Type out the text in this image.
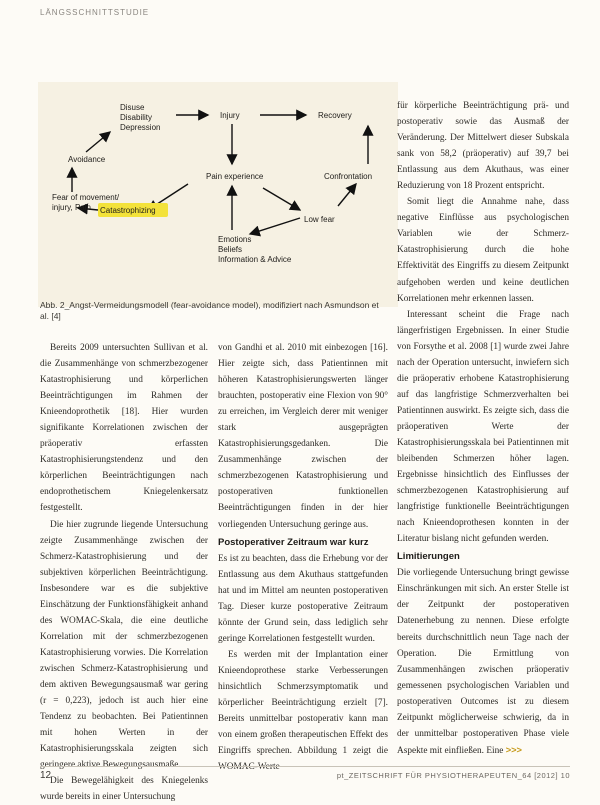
LÄNGSSCHNITTSTUDIE
Disuse Disability Depression
Injury	Recovery
Avoidance
Fear of movement/ injury, Pain
Pain experience	Confrontation
Catastrophizing
Low fear
Emotions Beliefs Information & Advice
Abb. 2_Angst-Vermeidungsmodell (fear-avoidance model), modifiziert nach Asmundson et al. [4]

Bereits 2009 untersuchten Sullivan et al. die Zusammenhänge von schmerzbezogener Katastrophisierung und körperlichen Beeinträchtigungen im Rahmen der Knieendoprothetik [18]. Hier wurden signifikante Korrelationen zwischen der präoperativ erfassten Katastrophisierungstendenz und den körperlichen Beeinträchtigungen nach endoprothetischem Kniegelenkersatz festgestellt.

Die hier zugrunde liegende Untersuchung zeigte Zusammenhänge zwischen der Schmerz-Katastrophisierung und der subjektiven körperlichen Beeinträchtigung. Insbesondere war es die subjektive Einschätzung der Funktionsfähigkeit anhand des WOMAC-Skala, die eine deutliche Korrelation mit der schmerzbezogenen Katastrophisierung vorwies. Die Korrelation zwischen Schmerz-Katastrophisierung und dem aktiven Bewegungsausmaß war gering (r = 0,223), jedoch ist auch hier eine Tendenz zu beobachten. Bei Patientinnen mit hohen Werten in der Katastrophisierungsskala zeigten sich geringere aktive Bewegungsausmaße.

Die Bewegelähigkeit des Kniegelenks wurde bereits in einer Untersuchung

von Gandhi et al. 2010 mit einbezogen [16]. Hier zeigte sich, dass Patientinnen mit höheren Katastrophisierungswerten länger brauchten, postoperativ eine Flexion von 90° zu erreichen, im Vergleich derer mit weniger stark ausgeprägten Katastrophisierungsgedanken. Die Zusammenhänge zwischen der schmerzbezogenen Katastrophisierung und postoperativen funktionellen Beeinträchtigungen finden in der hier vorliegenden Untersuchung geringe aus.

Postoperativer Zeitraum war kurz

Es ist zu beachten, dass die Erhebung vor der Entlassung aus dem Akuthaus stattgefunden hat und im Mittel am neunten postoperativen Tag. Dieser kurze postoperative Zeitraum könnte der Grund sein, dass lediglich sehr geringe Korrelationen festgestellt wurden.

Es werden mit der Implantation einer Knieendoprothese starke Verbesserungen hinsichtlich Schmerzsymptomatik und körperlicher Beeinträchtigung erzielt [7]. Bereits unmittelbar postoperativ kann man von einem großen therapeutischen Effekt des Eingriffs sprechen. Abbildung 1 zeigt die WOMAC-Werte

für körperliche Beeinträchtigung prä- und postoperativ sowie das Ausmaß der Veränderung. Der Mittelwert dieser Subskala sank von 58,2 (präoperativ) auf 39,7 bei Entlassung aus dem Akuthaus, was einer Reduzierung von 18 Prozent entspricht.

Somit liegt die Annahme nahe, dass negative Einflüsse aus psychologischen Variablen wie der Schmerz-Katastrophisierung durch die hohe Effektivität des Eingriffs zu diesem Zeitpunkt aufgehoben werden und keine deutlichen Korrelationen mehr erkennen lassen.

Interessant scheint die Frage nach längerfristigen Ergebnissen. In einer Studie von Forsythe et al. 2008 [1] wurde zwei Jahre nach der Operation untersucht, inwiefern sich die präoperativ erhobene Katastrophisierung auf das langfristige Schmerzverhalten bei Patientinnen auswirkt. Es zeigte sich, dass die präoperativen Werte der Katastrophisierungsskala bei Patientinnen mit bleibenden Schmerzen höher lagen. Ergebnisse hinsichtlich des Einflusses der schmerzbezogenen Katastrophisierung auf langfristige funktionelle Beeinträchtigungen nach Knieendoprothesen konnten in der Literatur bislang nicht gefunden werden.

Limitierungen

Die vorliegende Untersuchung bringt gewisse Einschränkungen mit sich. An erster Stelle ist der Zeitpunkt der postoperativen Datenerhebung zu nennen. Diese erfolgte bereits durchschnittlich neun Tage nach der Operation. Die Ermittlung von Zusammenhängen zwischen präoperativ gemessenen psychologischen Variablen und postoperativen Outcomes ist zu diesem Zeitpunkt möglicherweise schwierig, da in der unmittelbar postoperativen Phase viele Aspekte mit einfließen. Eine >>>

12	pt_ZEITSCHRIFT FÜR PHYSIOTHERAPEUTEN_64 [2012] 10
